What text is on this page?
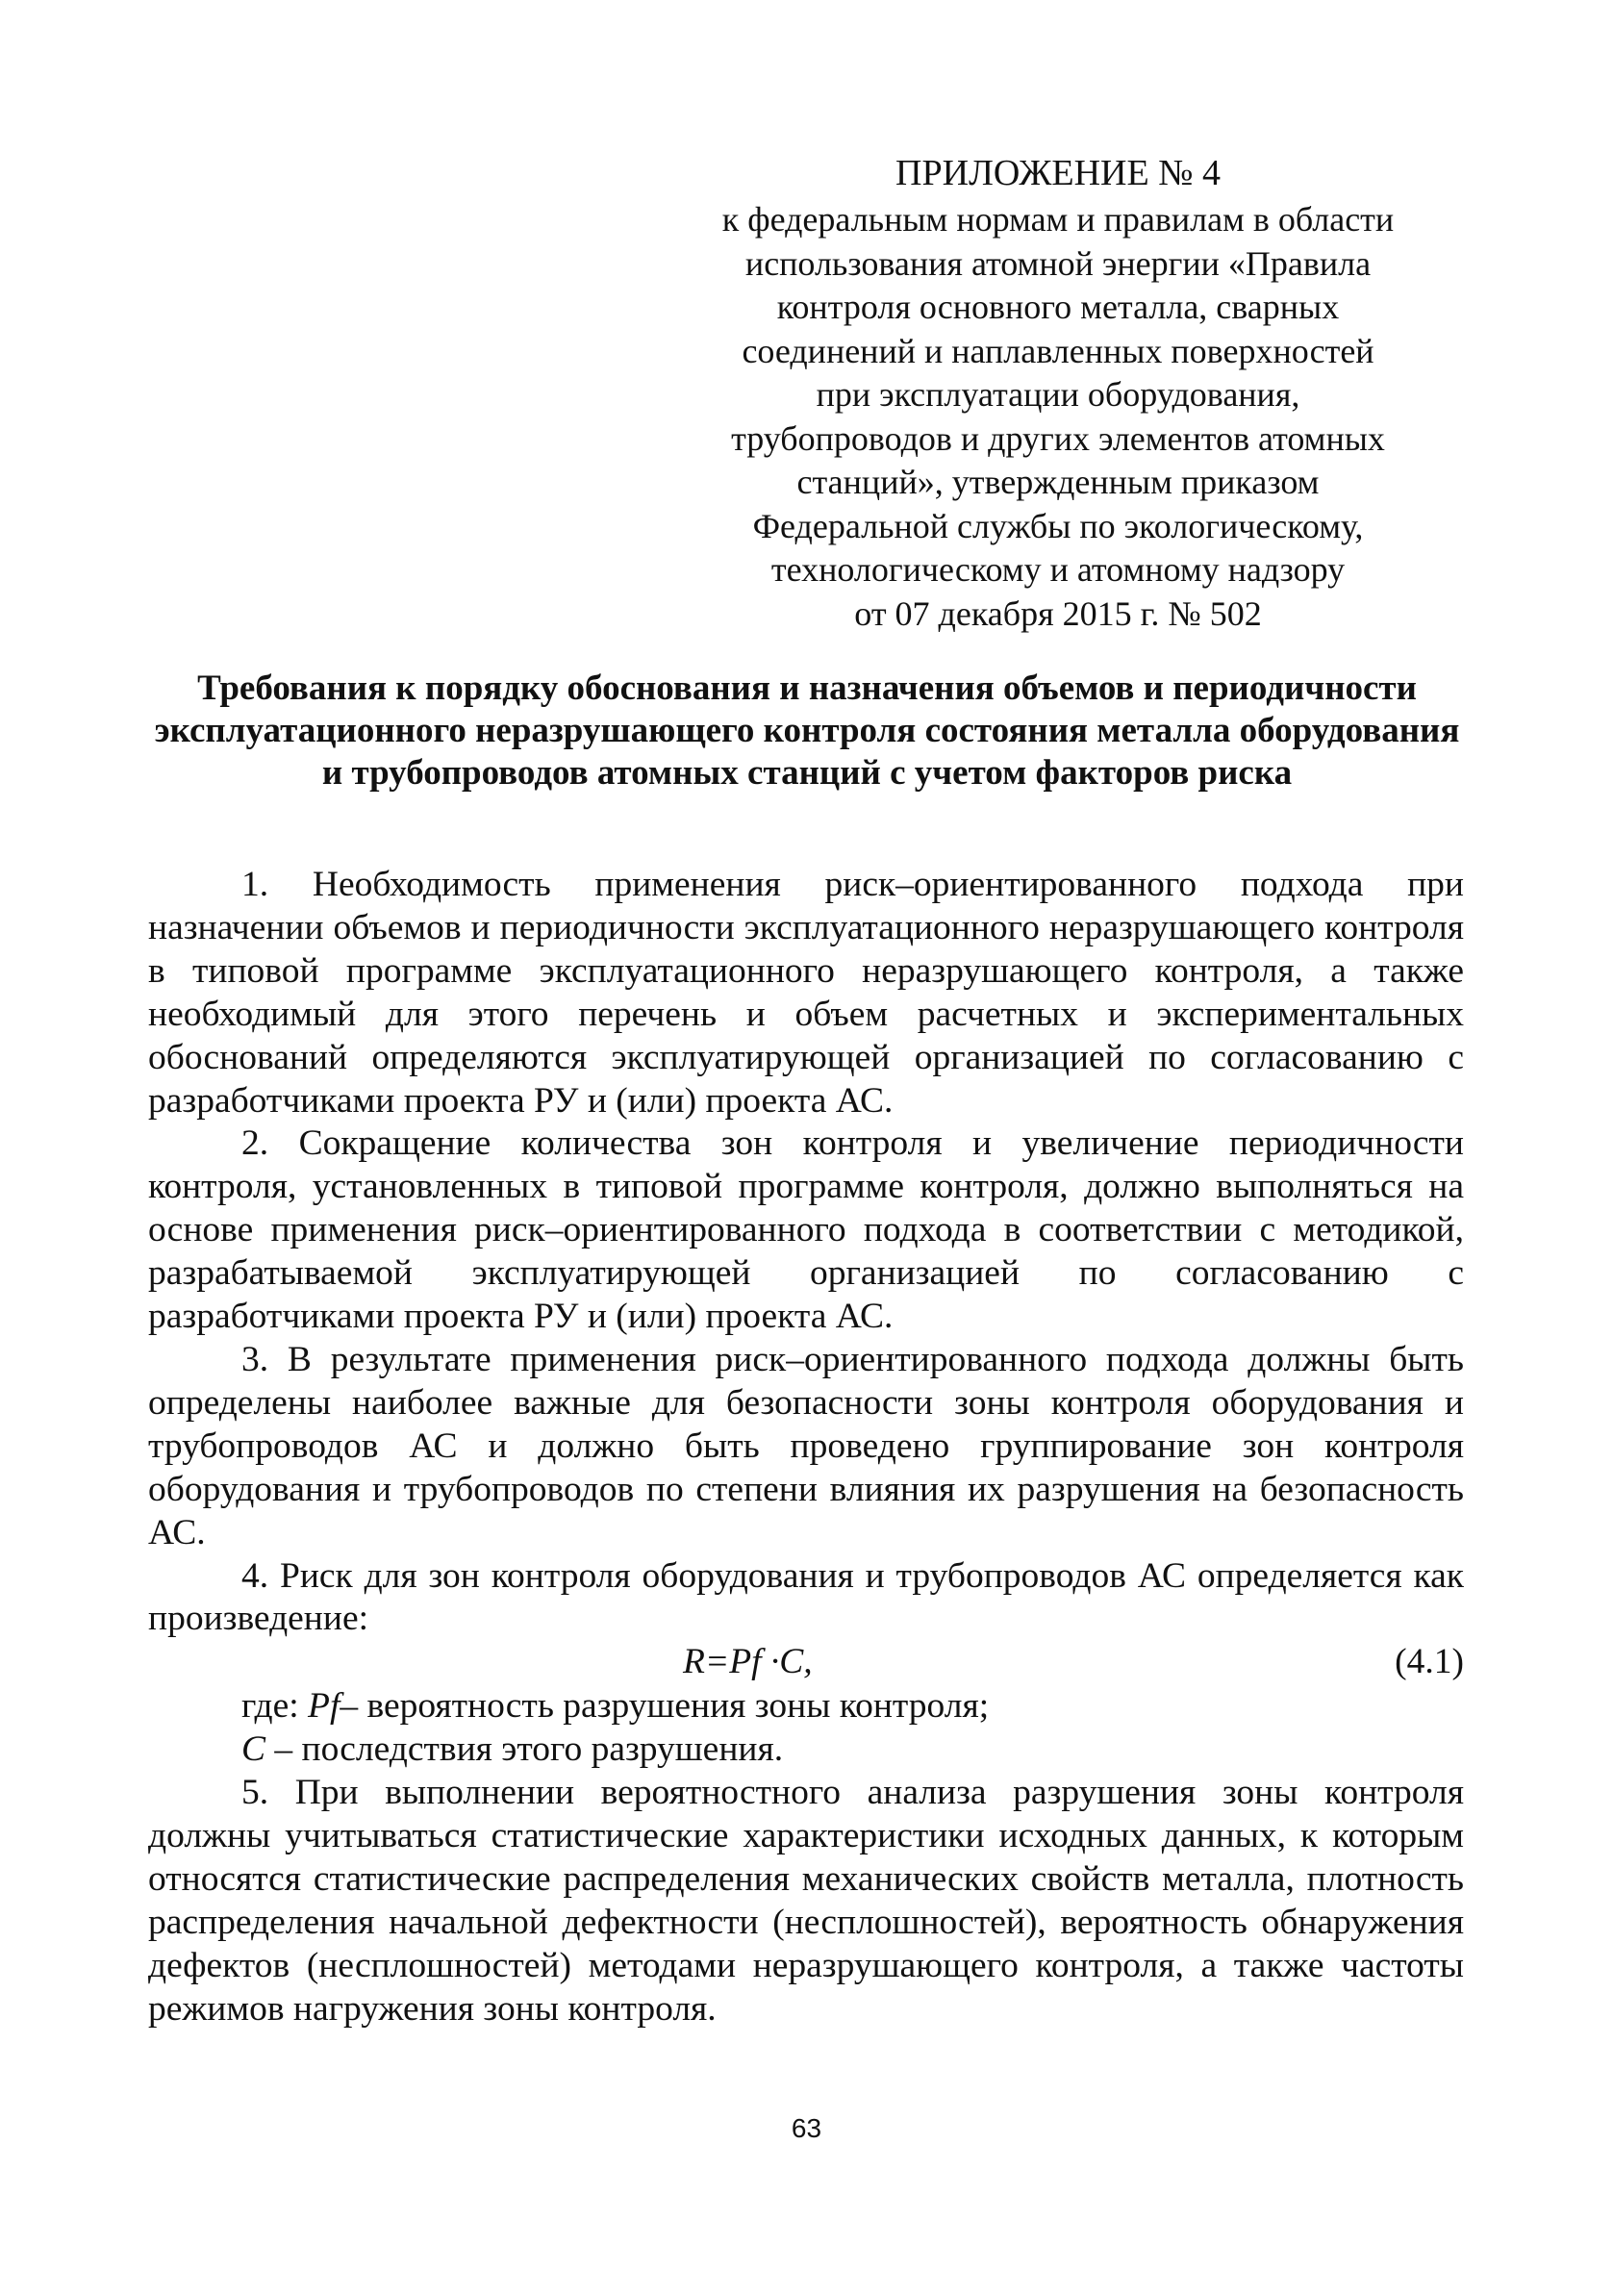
ПРИЛОЖЕНИЕ № 4
к федеральным нормам и правилам в области
использования атомной энергии «Правила
контроля основного металла, сварных
соединений и наплавленных поверхностей
при эксплуатации оборудования,
трубопроводов и других элементов атомных
станций», утвержденным приказом
Федеральной службы по экологическому,
технологическому и атомному надзору
от 07 декабря 2015 г. № 502
Требования к порядку обоснования и назначения объемов и периодичности эксплуатационного неразрушающего контроля состояния металла оборудования и трубопроводов атомных станций с учетом факторов риска

1. Необходимость применения риск–ориентированного подхода при назначении объемов и периодичности эксплуатационного неразрушающего контроля в типовой программе эксплуатационного неразрушающего контроля, а также необходимый для этого перечень и объем расчетных и экспериментальных обоснований определяются эксплуатирующей организацией по согласованию с разработчиками проекта РУ и (или) проекта АС.

2. Сокращение количества зон контроля и увеличение периодичности контроля, установленных в типовой программе контроля, должно выполняться на основе применения риск–ориентированного подхода в соответствии с методикой, разрабатываемой эксплуатирующей организацией по согласованию с разработчиками проекта РУ и (или) проекта АС.

3. В результате применения риск–ориентированного подхода должны быть определены наиболее важные для безопасности зоны контроля оборудования и трубопроводов АС и должно быть проведено группирование зон контроля оборудования и трубопроводов по степени влияния их разрушения на безопасность АС.

4. Риск для зон контроля оборудования и трубопроводов АС определяется как произведение:

R=Pf ·C,	(4.1)
где: Pf– вероятность разрушения зоны контроля;
C – последствия этого разрушения.

5. При выполнении вероятностного анализа разрушения зоны контроля должны учитываться статистические характеристики исходных данных, к которым относятся статистические распределения механических свойств металла, плотность распределения начальной дефектности (несплошностей), вероятность обнаружения дефектов (несплошностей) методами неразрушающего контроля, а также частоты режимов нагружения зоны контроля.

63
